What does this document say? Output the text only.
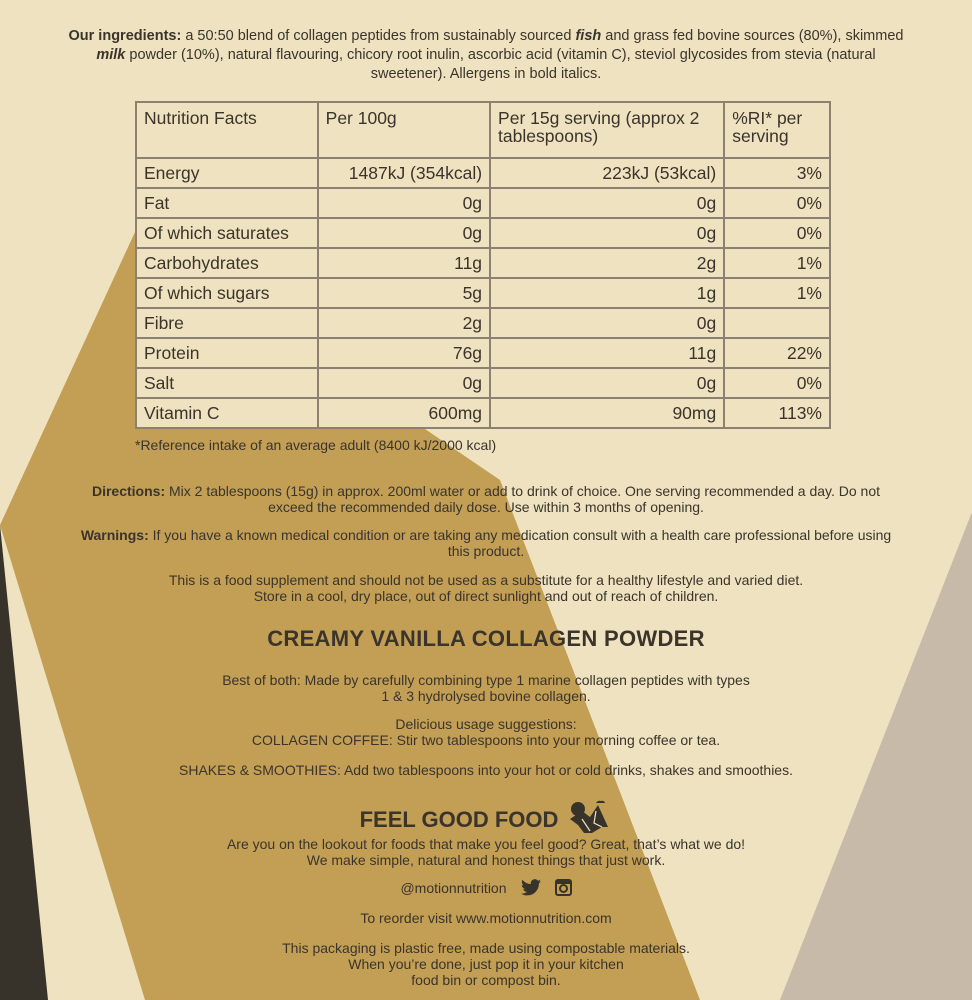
Our ingredients: a 50:50 blend of collagen peptides from sustainably sourced fish and grass fed bovine sources (80%), skimmed milk powder (10%), natural flavouring, chicory root inulin, ascorbic acid (vitamin C), steviol glycosides from stevia (natural sweetener). Allergens in bold italics.
Nutrition Facts	Per 100g	Per 15g serving (approx 2 tablespoons)	%RI* per serving
Energy	1487kJ (354kcal)	223kJ (53kcal)	3%
Fat	0g	0g	0%
Of which saturates	0g	0g	0%
Carbohydrates	11g	2g	1%
Of which sugars	5g	1g	1%
Fibre	2g	0g	
Protein	76g	11g	22%
Salt	0g	0g	0%
Vitamin C	600mg	90mg	113%
*Reference intake of an average adult (8400 kJ/2000 kcal)
Directions: Mix 2 tablespoons (15g) in approx. 200ml water or add to drink of choice. One serving recommended a day. Do not exceed the recommended daily dose. Use within 3 months of opening.
Warnings: If you have a known medical condition or are taking any medication consult with a health care professional before using this product.
This is a food supplement and should not be used as a substitute for a healthy lifestyle and varied diet.
Store in a cool, dry place, out of direct sunlight and out of reach of children.
CREAMY VANILLA COLLAGEN POWDER
Best of both: Made by carefully combining type 1 marine collagen peptides with types
1 & 3 hydrolysed bovine collagen.
Delicious usage suggestions:
COLLAGEN COFFEE: Stir two tablespoons into your morning coffee or tea.
SHAKES & SMOOTHIES: Add two tablespoons into your hot or cold drinks, shakes and smoothies.
FEEL GOOD FOOD
Are you on the lookout for foods that make you feel good? Great, that’s what we do!
We make simple, natural and honest things that just work.
@motionnutrition
To reorder visit www.motionnutrition.com
This packaging is plastic free, made using compostable materials.
When you’re done, just pop it in your kitchen
food bin or compost bin.
